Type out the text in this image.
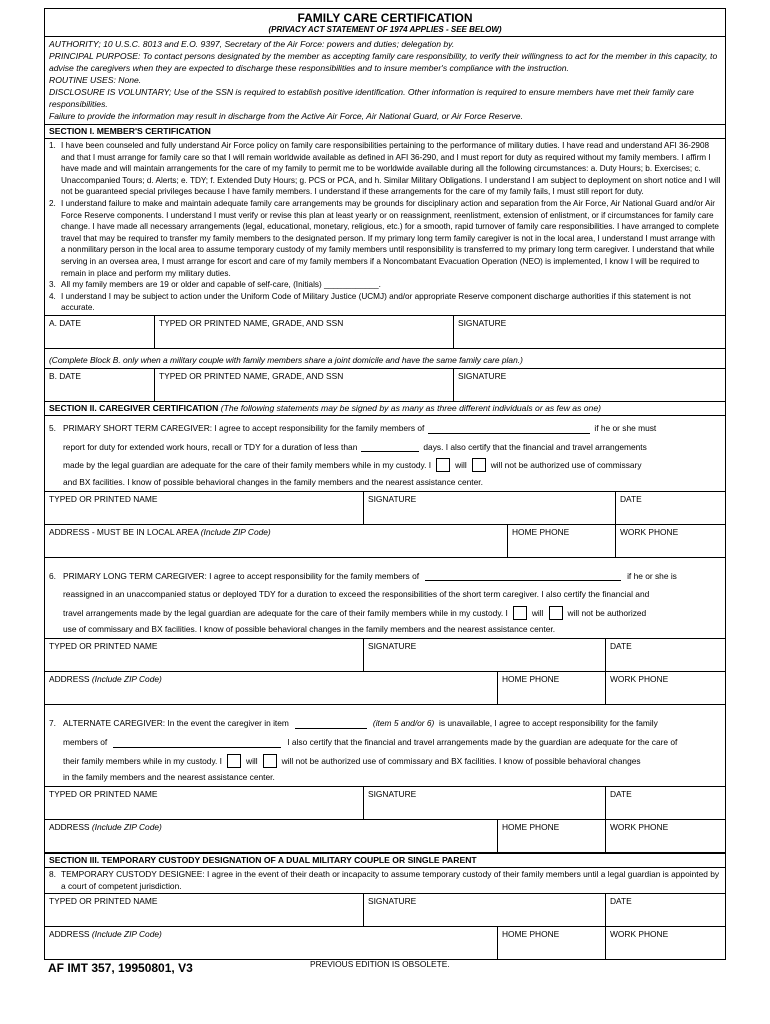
FAMILY CARE CERTIFICATION
(PRIVACY ACT STATEMENT OF 1974 APPLIES - SEE BELOW)
AUTHORITY; 10 U.S.C. 8013 and E.O. 9397, Secretary of the Air Force: powers and duties; delegation by.
PRINCIPAL PURPOSE: To contact persons designated by the member as accepting family care responsibility, to verify their willingness to act for the member in this capacity, to advise the caregivers when they are expected to discharge these responsibilities and to insure member's compliance with the instruction.
ROUTINE USES: None.
DISCLOSURE IS VOLUNTARY; Use of the SSN is required to establish positive identification. Other information is required to ensure members have met their family care responsibilities.
Failure to provide the information may result in discharge from the Active Air Force, Air National Guard, or Air Force Reserve.
SECTION I. MEMBER'S CERTIFICATION
1. I have been counseled and fully understand Air Force policy on family care responsibilities pertaining to the performance of military duties. I have read and understand AFI 36-2908 and that I must arrange for family care so that I will remain worldwide available as defined in AFI 36-290, and I must report for duty as required without my family members. I affirm I have made and will maintain arrangements for the care of my family to permit me to be worldwide available during all the following circumstances: a. Duty Hours; b. Exercises; c. Unaccompanied Tours; d. Alerts; e. TDY; f. Extended Duty Hours; g. PCS or PCA, and h. Similar Military Obligations. I understand I am subject to deployment on short notice and I will not be guaranteed special privileges because I have family members. I understand if these arrangements for the care of my family fails, I must still report for duty.
2. I understand failure to make and maintain adequate family care arrangements may be grounds for disciplinary action and separation from the Air Force, Air National Guard and/or Air Force Reserve components. I understand I must verify or revise this plan at least yearly or on reassignment, reenlistment, extension of enlistment, or if circumstances for family care change. I have made all necessary arrangements (legal, educational, monetary, religious, etc.) for a smooth, rapid turnover of family care responsibilities. I have arranged to complete travel that may be required to transfer my family members to the designated person. If my primary long term family caregiver is not in the local area, I understand I must arrange with a nonmilitary person in the local area to assume temporary custody of my family members until responsibility is transferred to my primary long term caregiver. I understand that while serving in an oversea area, I must arrange for escort and care of my family members if a Noncombatant Evacuation Operation (NEO) is implemented, I know I will be required to remain in place and perform my military duties.
3. All my family members are 19 or older and capable of self-care, (Initials) ____________.
4. I understand I may be subject to action under the Uniform Code of Military Justice (UCMJ) and/or appropriate Reserve component discharge authorities if this statement is not accurate.
A. DATE	TYPED OR PRINTED NAME, GRADE, AND SSN	SIGNATURE
(Complete Block B. only when a military couple with family members share a joint domicile and have the same family care plan.)
B. DATE	TYPED OR PRINTED NAME, GRADE, AND SSN	SIGNATURE
SECTION II. CAREGIVER CERTIFICATION (The following statements may be signed by as many as three different individuals or as few as one)
5. PRIMARY SHORT TERM CAREGIVER: I agree to accept responsibility for the family members of	if he or she must
report for duty for extended work hours, recall or TDY for a duration of less than	days. I also certify that the financial and travel arrangements
made by the legal guardian are adequate for the care of their family members while in my custody. I	will	will not be authorized use of commissary
and BX facilities. I know of possible behavioral changes in the family members and the nearest assistance center.
TYPED OR PRINTED NAME	SIGNATURE	DATE
ADDRESS - MUST BE IN LOCAL AREA (Include ZIP Code)	HOME PHONE	WORK PHONE
6. PRIMARY LONG TERM CAREGIVER: I agree to accept responsibility for the family members of	if he or she is
reassigned in an unaccompanied status or deployed TDY for a duration to exceed the responsibilities of the short term caregiver. I also certify the financial and
travel arrangements made by the legal guardian are adequate for the care of their family members while in my custody. I	will	will not be authorized
use of commissary and BX facilities. I know of possible behavioral changes in the family members and the nearest assistance center.
TYPED OR PRINTED NAME	SIGNATURE	DATE
ADDRESS (Include ZIP Code)	HOME PHONE	WORK PHONE
7. ALTERNATE CAREGIVER: In the event the caregiver in item	(item 5 and/or 6)
is unavailable, I agree to accept responsibility for the family
members of	I also certify that the financial and travel arrangements made by the guardian are adequate for the care of
their family members while in my custody. I	will	will not be authorized use of commissary and BX facilities. I know of possible behavioral changes
in the family members and the nearest assistance center.
TYPED OR PRINTED NAME	SIGNATURE	DATE
ADDRESS (Include ZIP Code)	HOME PHONE	WORK PHONE
SECTION III. TEMPORARY CUSTODY DESIGNATION OF A DUAL MILITARY COUPLE OR SINGLE PARENT
8. TEMPORARY CUSTODY DESIGNEE: I agree in the event of their death or incapacity to assume temporary custody of their family members until a legal guardian is appointed by a court of competent jurisdiction.
TYPED OR PRINTED NAME	SIGNATURE	DATE
ADDRESS (Include ZIP Code)	HOME PHONE	WORK PHONE
AF IMT 357, 19950801, V3	PREVIOUS EDITION IS OBSOLETE.
